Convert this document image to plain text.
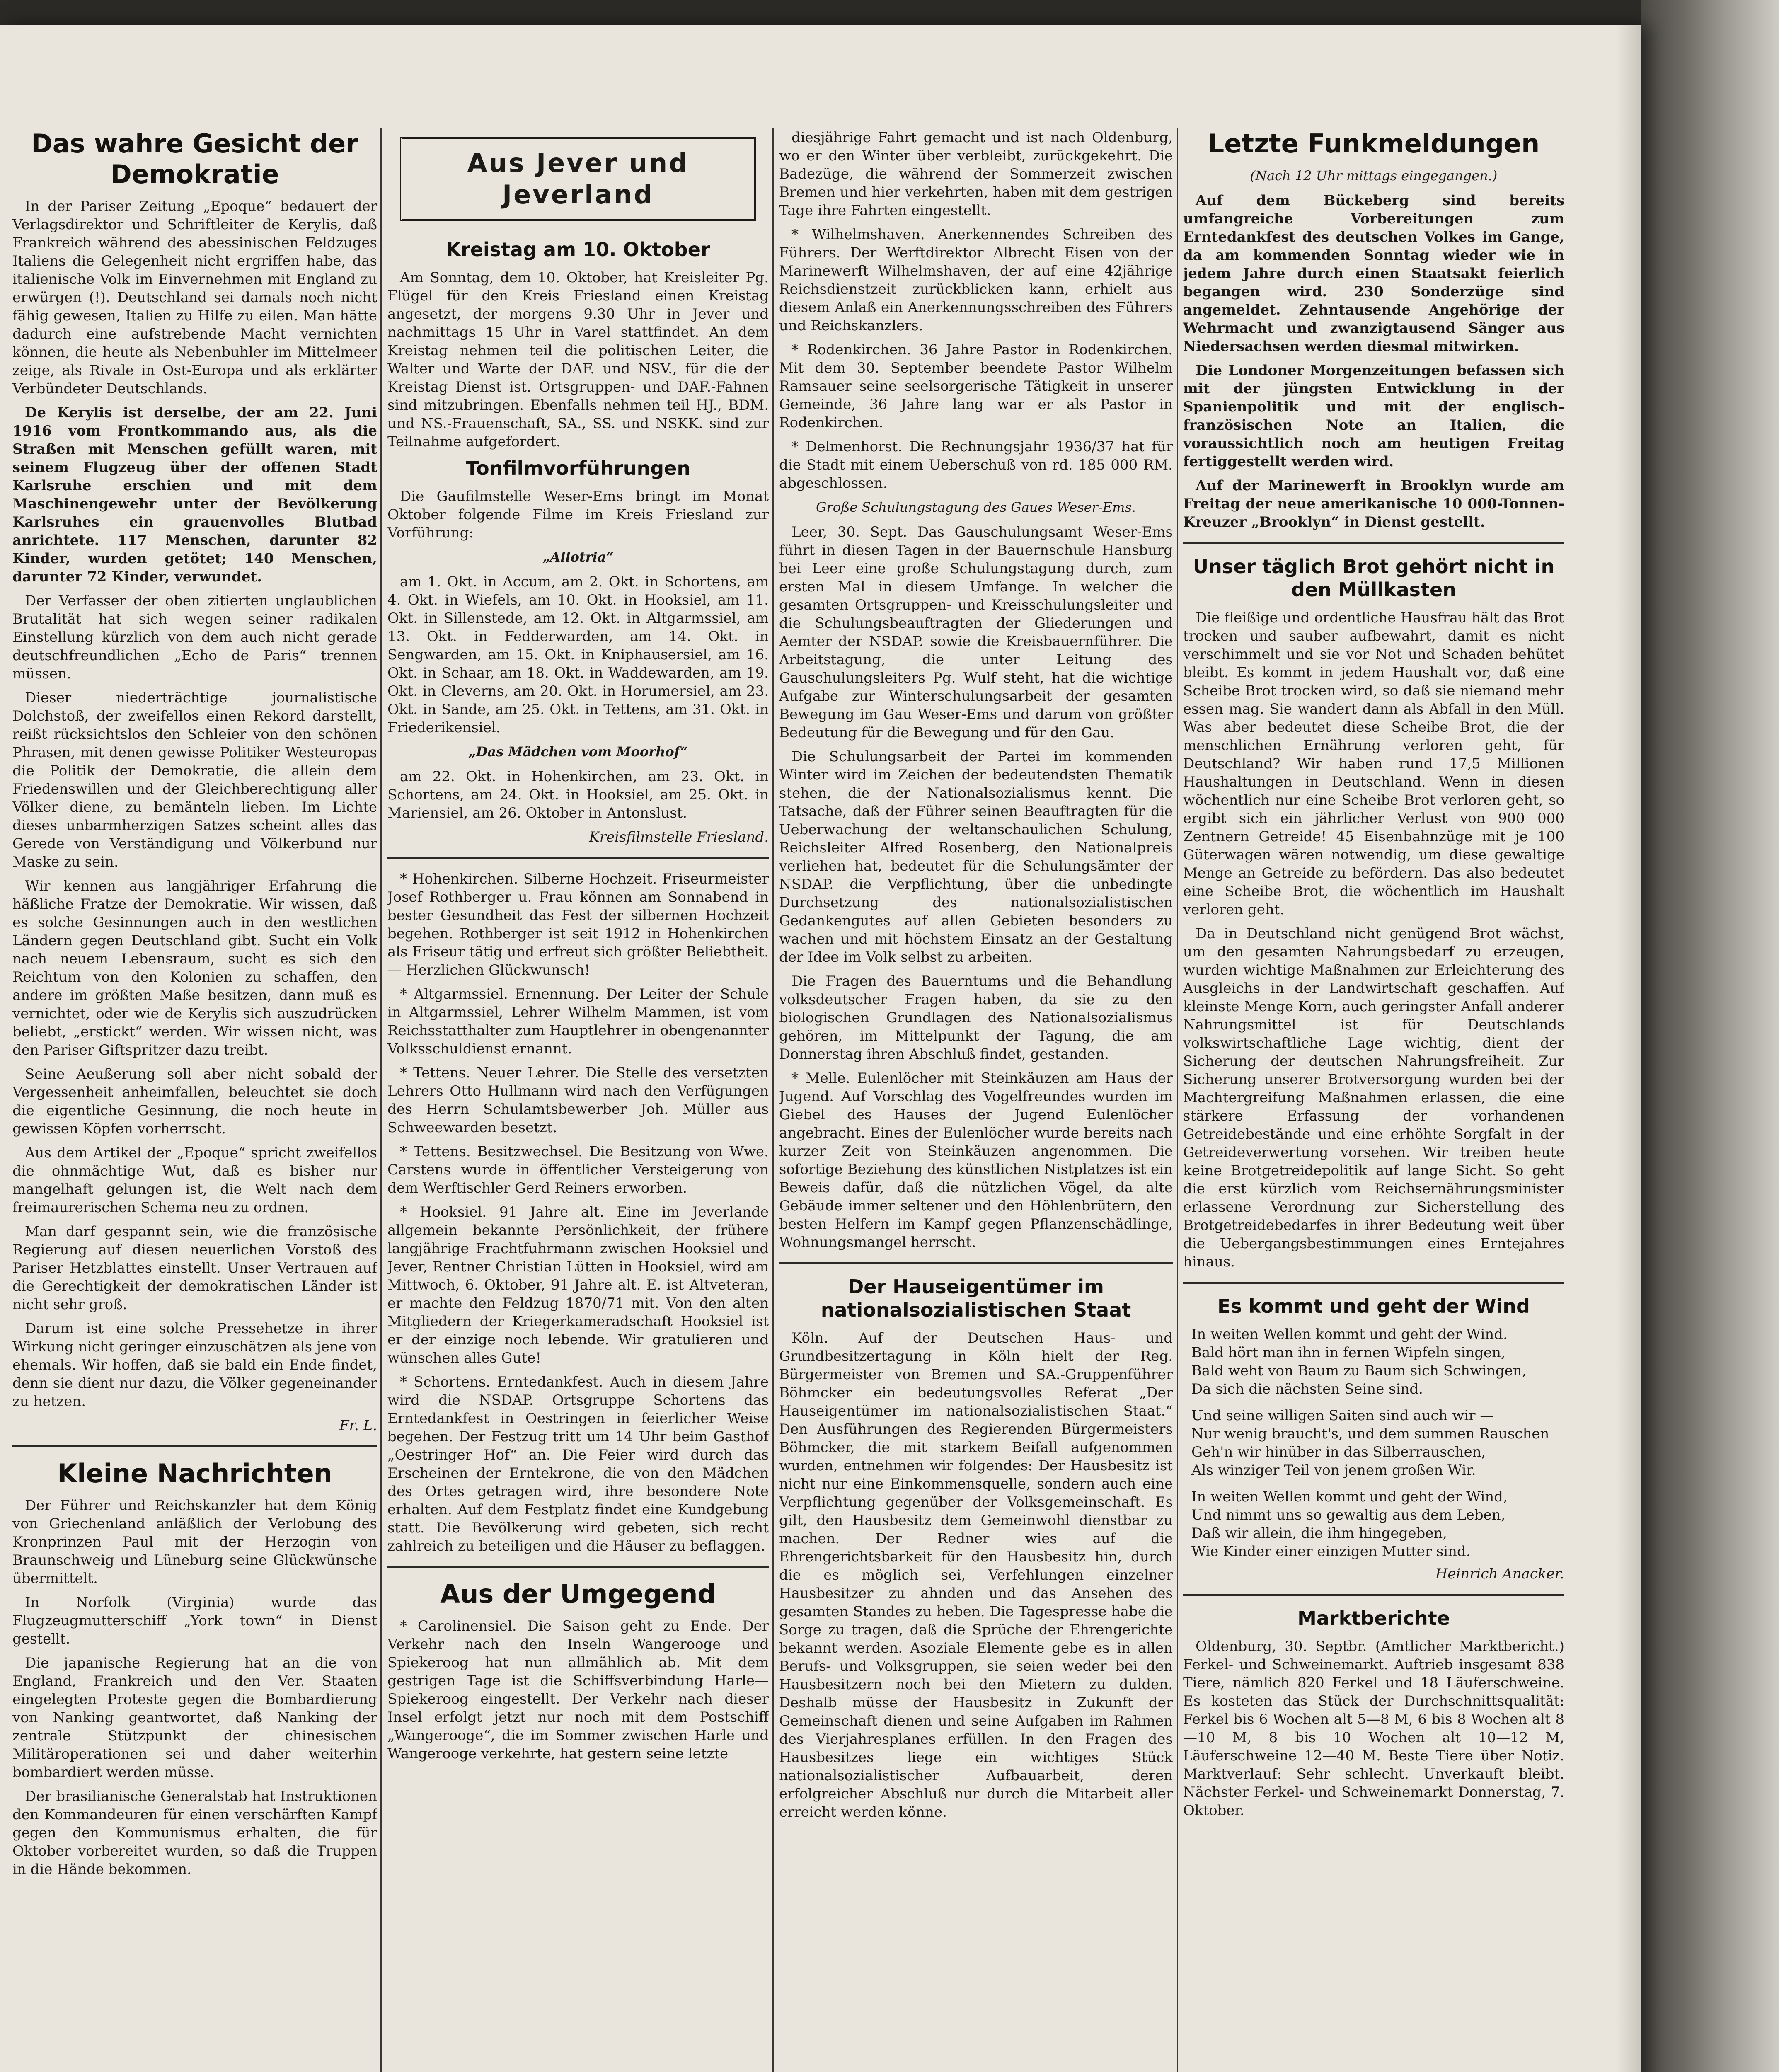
Das wahre Gesicht der Demokratie

In der Pariser Zeitung „Epoque“ bedauert der Verlagsdirektor und Schriftleiter de Kerylis, daß Frankreich während des abessinischen Feldzuges Italiens die Gelegenheit nicht ergriffen habe, das italienische Volk im Einvernehmen mit England zu erwürgen (!). Deutschland sei damals noch nicht fähig gewesen, Italien zu Hilfe zu eilen. Man hätte dadurch eine aufstrebende Macht vernichten können, die heute als Nebenbuhler im Mittelmeer zeige, als Rivale in Ost-Europa und als erklärter Verbündeter Deutschlands.

De Kerylis ist derselbe, der am 22. Juni 1916 vom Frontkommando aus, als die Straßen mit Menschen gefüllt waren, mit seinem Flugzeug über der offenen Stadt Karlsruhe erschien und mit dem Maschinengewehr unter der Bevölkerung Karlsruhes ein grauenvolles Blutbad anrichtete. 117 Menschen, darunter 82 Kinder, wurden getötet; 140 Menschen, darunter 72 Kinder, verwundet.

Der Verfasser der oben zitierten unglaublichen Brutalität hat sich wegen seiner radikalen Einstellung kürzlich von dem auch nicht gerade deutschfreundlichen „Echo de Paris“ trennen müssen.

Dieser niederträchtige journalistische Dolchstoß, der zweifellos einen Rekord darstellt, reißt rücksichtslos den Schleier von den schönen Phrasen, mit denen gewisse Politiker Westeuropas die Politik der Demokratie, die allein dem Friedenswillen und der Gleichberechtigung aller Völker diene, zu bemänteln lieben. Im Lichte dieses unbarmherzigen Satzes scheint alles das Gerede von Verständigung und Völkerbund nur Maske zu sein.

Wir kennen aus langjähriger Erfahrung die häßliche Fratze der Demokratie. Wir wissen, daß es solche Gesinnungen auch in den westlichen Ländern gegen Deutschland gibt. Sucht ein Volk nach neuem Lebensraum, sucht es sich den Reichtum von den Kolonien zu schaffen, den andere im größten Maße besitzen, dann muß es vernichtet, oder wie de Kerylis sich auszudrücken beliebt, „erstickt“ werden. Wir wissen nicht, was den Pariser Giftspritzer dazu treibt.

Seine Aeußerung soll aber nicht sobald der Vergessenheit anheimfallen, beleuchtet sie doch die eigentliche Gesinnung, die noch heute in gewissen Köpfen vorherrscht.

Aus dem Artikel der „Epoque“ spricht zweifellos die ohnmächtige Wut, daß es bisher nur mangelhaft gelungen ist, die Welt nach dem freimaurerischen Schema neu zu ordnen.

Man darf gespannt sein, wie die französische Regierung auf diesen neuerlichen Vorstoß des Pariser Hetzblattes einstellt. Unser Vertrauen auf die Gerechtigkeit der demokratischen Länder ist nicht sehr groß.

Darum ist eine solche Pressehetze in ihrer Wirkung nicht geringer einzuschätzen als jene von ehemals. Wir hoffen, daß sie bald ein Ende findet, denn sie dient nur dazu, die Völker gegeneinander zu hetzen.

Fr. L.
Kleine Nachrichten

Der Führer und Reichskanzler hat dem König von Griechenland anläßlich der Verlobung des Kronprinzen Paul mit der Herzogin von Braunschweig und Lüneburg seine Glückwünsche übermittelt.

In Norfolk (Virginia) wurde das Flugzeugmutterschiff „York town“ in Dienst gestellt.

Die japanische Regierung hat an die von England, Frankreich und den Ver. Staaten eingelegten Proteste gegen die Bombardierung von Nanking geantwortet, daß Nanking der zentrale Stützpunkt der chinesischen Militäroperationen sei und daher weiterhin bombardiert werden müsse.

Der brasilianische Generalstab hat Instruktionen den Kommandeuren für einen verschärften Kampf gegen den Kommunismus erhalten, die für Oktober vorbereitet wurden, so daß die Truppen in die Hände bekommen.

Aus Jever und Jeverland
Kreistag am 10. Oktober

Am Sonntag, dem 10. Oktober, hat Kreisleiter Pg. Flügel für den Kreis Friesland einen Kreistag angesetzt, der morgens 9.30 Uhr in Jever und nachmittags 15 Uhr in Varel stattfindet. An dem Kreistag nehmen teil die politischen Leiter, die Walter und Warte der DAF. und NSV., für die der Kreistag Dienst ist. Ortsgruppen- und DAF.-Fahnen sind mitzubringen. Ebenfalls nehmen teil HJ., BDM. und NS.-Frauenschaft, SA., SS. und NSKK. sind zur Teilnahme aufgefordert.

Tonfilmvorführungen

Die Gaufilmstelle Weser-Ems bringt im Monat Oktober folgende Filme im Kreis Friesland zur Vorführung:

„Allotria“

am 1. Okt. in Accum, am 2. Okt. in Schortens, am 4. Okt. in Wiefels, am 10. Okt. in Hooksiel, am 11. Okt. in Sillenstede, am 12. Okt. in Altgarmssiel, am 13. Okt. in Fedderwarden, am 14. Okt. in Sengwarden, am 15. Okt. in Kniphausersiel, am 16. Okt. in Schaar, am 18. Okt. in Waddewarden, am 19. Okt. in Cleverns, am 20. Okt. in Horumersiel, am 23. Okt. in Sande, am 25. Okt. in Tettens, am 31. Okt. in Friederikensiel.

„Das Mädchen vom Moorhof“

am 22. Okt. in Hohenkirchen, am 23. Okt. in Schortens, am 24. Okt. in Hooksiel, am 25. Okt. in Mariensiel, am 26. Oktober in Antonslust.

Kreisfilmstelle Friesland.

* Hohenkirchen. Silberne Hochzeit. Friseurmeister Josef Rothberger u. Frau können am Sonnabend in bester Gesundheit das Fest der silbernen Hochzeit begehen. Rothberger ist seit 1912 in Hohenkirchen als Friseur tätig und erfreut sich größter Beliebtheit. — Herzlichen Glückwunsch!

* Altgarmssiel. Ernennung. Der Leiter der Schule in Altgarmssiel, Lehrer Wilhelm Mammen, ist vom Reichsstatthalter zum Hauptlehrer in obengenannter Volksschuldienst ernannt.

* Tettens. Neuer Lehrer. Die Stelle des versetzten Lehrers Otto Hullmann wird nach den Verfügungen des Herrn Schulamtsbewerber Joh. Müller aus Schweewarden besetzt.

* Tettens. Besitzwechsel. Die Besitzung von Wwe. Carstens wurde in öffentlicher Versteigerung von dem Werftischler Gerd Reiners erworben.

* Hooksiel. 91 Jahre alt. Eine im Jeverlande allgemein bekannte Persönlichkeit, der frühere langjährige Frachtfuhrmann zwischen Hooksiel und Jever, Rentner Christian Lütten in Hooksiel, wird am Mittwoch, 6. Oktober, 91 Jahre alt. E. ist Altveteran, er machte den Feldzug 1870/71 mit. Von den alten Mitgliedern der Kriegerkameradschaft Hooksiel ist er der einzige noch lebende. Wir gratulieren und wünschen alles Gute!

* Schortens. Erntedankfest. Auch in diesem Jahre wird die NSDAP. Ortsgruppe Schortens das Erntedankfest in Oestringen in feierlicher Weise begehen. Der Festzug tritt um 14 Uhr beim Gasthof „Oestringer Hof“ an. Die Feier wird durch das Erscheinen der Erntekrone, die von den Mädchen des Ortes getragen wird, ihre besondere Note erhalten. Auf dem Festplatz findet eine Kundgebung statt. Die Bevölkerung wird gebeten, sich recht zahlreich zu beteiligen und die Häuser zu beflaggen.

Aus der Umgegend

* Carolinensiel. Die Saison geht zu Ende. Der Verkehr nach den Inseln Wangerooge und Spiekeroog hat nun allmählich ab. Mit dem gestrigen Tage ist die Schiffsverbindung Harle—Spiekeroog eingestellt. Der Verkehr nach dieser Insel erfolgt jetzt nur noch mit dem Postschiff „Wangerooge“, die im Sommer zwischen Harle und Wangerooge verkehrte, hat gestern seine letzte

diesjährige Fahrt gemacht und ist nach Oldenburg, wo er den Winter über verbleibt, zurückgekehrt. Die Badezüge, die während der Sommerzeit zwischen Bremen und hier verkehrten, haben mit dem gestrigen Tage ihre Fahrten eingestellt.

* Wilhelmshaven. Anerkennendes Schreiben des Führers. Der Werftdirektor Albrecht Eisen von der Marinewerft Wilhelmshaven, der auf eine 42jährige Reichsdienstzeit zurückblicken kann, erhielt aus diesem Anlaß ein Anerkennungsschreiben des Führers und Reichskanzlers.

* Rodenkirchen. 36 Jahre Pastor in Rodenkirchen. Mit dem 30. September beendete Pastor Wilhelm Ramsauer seine seelsorgerische Tätigkeit in unserer Gemeinde, 36 Jahre lang war er als Pastor in Rodenkirchen.

* Delmenhorst. Die Rechnungsjahr 1936/37 hat für die Stadt mit einem Ueberschuß von rd. 185 000 RM. abgeschlossen.

Große Schulungstagung des Gaues Weser-Ems.

Leer, 30. Sept. Das Gauschulungsamt Weser-Ems führt in diesen Tagen in der Bauernschule Hansburg bei Leer eine große Schulungstagung durch, zum ersten Mal in diesem Umfange. In welcher die gesamten Ortsgruppen- und Kreisschulungsleiter und die Schulungsbeauftragten der Gliederungen und Aemter der NSDAP. sowie die Kreisbauernführer. Die Arbeitstagung, die unter Leitung des Gauschulungsleiters Pg. Wulf steht, hat die wichtige Aufgabe zur Winterschulungsarbeit der gesamten Bewegung im Gau Weser-Ems und darum von größter Bedeutung für die Bewegung und für den Gau.

Die Schulungsarbeit der Partei im kommenden Winter wird im Zeichen der bedeutendsten Thematik stehen, die der Nationalsozialismus kennt. Die Tatsache, daß der Führer seinen Beauftragten für die Ueberwachung der weltanschaulichen Schulung, Reichsleiter Alfred Rosenberg, den Nationalpreis verliehen hat, bedeutet für die Schulungsämter der NSDAP. die Verpflichtung, über die unbedingte Durchsetzung des nationalsozialistischen Gedankengutes auf allen Gebieten besonders zu wachen und mit höchstem Einsatz an der Gestaltung der Idee im Volk selbst zu arbeiten.

Die Fragen des Bauerntums und die Behandlung volksdeutscher Fragen haben, da sie zu den biologischen Grundlagen des Nationalsozialismus gehören, im Mittelpunkt der Tagung, die am Donnerstag ihren Abschluß findet, gestanden.

* Melle. Eulenlöcher mit Steinkäuzen am Haus der Jugend. Auf Vorschlag des Vogelfreundes wurden im Giebel des Hauses der Jugend Eulenlöcher angebracht. Eines der Eulenlöcher wurde bereits nach kurzer Zeit von Steinkäuzen angenommen. Die sofortige Beziehung des künstlichen Nistplatzes ist ein Beweis dafür, daß die nützlichen Vögel, da alte Gebäude immer seltener und den Höhlenbrütern, den besten Helfern im Kampf gegen Pflanzenschädlinge, Wohnungsmangel herrscht.

Der Hauseigentümer im nationalsozialistischen Staat

Köln. Auf der Deutschen Haus- und Grundbesitzertagung in Köln hielt der Reg. Bürgermeister von Bremen und SA.-Gruppenführer Böhmcker ein bedeutungsvolles Referat „Der Hauseigentümer im nationalsozialistischen Staat.“ Den Ausführungen des Regierenden Bürgermeisters Böhmcker, die mit starkem Beifall aufgenommen wurden, entnehmen wir folgendes: Der Hausbesitz ist nicht nur eine Einkommensquelle, sondern auch eine Verpflichtung gegenüber der Volksgemeinschaft. Es gilt, den Hausbesitz dem Gemeinwohl dienstbar zu machen. Der Redner wies auf die Ehrengerichtsbarkeit für den Hausbesitz hin, durch die es möglich sei, Verfehlungen einzelner Hausbesitzer zu ahnden und das Ansehen des gesamten Standes zu heben. Die Tagespresse habe die Sorge zu tragen, daß die Sprüche der Ehrengerichte bekannt werden. Asoziale Elemente gebe es in allen Berufs- und Volksgruppen, sie seien weder bei den Hausbesitzern noch bei den Mietern zu dulden. Deshalb müsse der Hausbesitz in Zukunft der Gemeinschaft dienen und seine Aufgaben im Rahmen des Vierjahresplanes erfüllen. In den Fragen des Hausbesitzes liege ein wichtiges Stück nationalsozialistischer Aufbauarbeit, deren erfolgreicher Abschluß nur durch die Mitarbeit aller erreicht werden könne.

Letzte Funkmeldungen
(Nach 12 Uhr mittags eingegangen.)

Auf dem Bückeberg sind bereits umfangreiche Vorbereitungen zum Erntedankfest des deutschen Volkes im Gange, da am kommenden Sonntag wieder wie in jedem Jahre durch einen Staatsakt feierlich begangen wird. 230 Sonderzüge sind angemeldet. Zehntausende Angehörige der Wehrmacht und zwanzigtausend Sänger aus Niedersachsen werden diesmal mitwirken.

Die Londoner Morgenzeitungen befassen sich mit der jüngsten Entwicklung in der Spanienpolitik und mit der englisch-französischen Note an Italien, die voraussichtlich noch am heutigen Freitag fertiggestellt werden wird.

Auf der Marinewerft in Brooklyn wurde am Freitag der neue amerikanische 10 000-Tonnen-Kreuzer „Brooklyn“ in Dienst gestellt.

Unser täglich Brot gehört nicht in den Müllkasten

Die fleißige und ordentliche Hausfrau hält das Brot trocken und sauber aufbewahrt, damit es nicht verschimmelt und sie vor Not und Schaden behütet bleibt. Es kommt in jedem Haushalt vor, daß eine Scheibe Brot trocken wird, so daß sie niemand mehr essen mag. Sie wandert dann als Abfall in den Müll. Was aber bedeutet diese Scheibe Brot, die der menschlichen Ernährung verloren geht, für Deutschland? Wir haben rund 17,5 Millionen Haushaltungen in Deutschland. Wenn in diesen wöchentlich nur eine Scheibe Brot verloren geht, so ergibt sich ein jährlicher Verlust von 900 000 Zentnern Getreide! 45 Eisenbahnzüge mit je 100 Güterwagen wären notwendig, um diese gewaltige Menge an Getreide zu befördern. Das also bedeutet eine Scheibe Brot, die wöchentlich im Haushalt verloren geht.

Da in Deutschland nicht genügend Brot wächst, um den gesamten Nahrungsbedarf zu erzeugen, wurden wichtige Maßnahmen zur Erleichterung des Ausgleichs in der Landwirtschaft geschaffen. Auf kleinste Menge Korn, auch geringster Anfall anderer Nahrungsmittel ist für Deutschlands volkswirtschaftliche Lage wichtig, dient der Sicherung der deutschen Nahrungsfreiheit. Zur Sicherung unserer Brotversorgung wurden bei der Machtergreifung Maßnahmen erlassen, die eine stärkere Erfassung der vorhandenen Getreidebestände und eine erhöhte Sorgfalt in der Getreideverwertung vorsehen. Wir treiben heute keine Brotgetreidepolitik auf lange Sicht. So geht die erst kürzlich vom Reichsernährungsminister erlassene Verordnung zur Sicherstellung des Brotgetreidebedarfes in ihrer Bedeutung weit über die Uebergangsbestimmungen eines Erntejahres hinaus.

Es kommt und geht der Wind
In weiten Wellen kommt und geht der Wind.
Bald hört man ihn in fernen Wipfeln singen,
Bald weht von Baum zu Baum sich Schwingen,
Da sich die nächsten Seine sind.
Und seine willigen Saiten sind auch wir —
Nur wenig braucht's, und dem summen Rauschen
Geh'n wir hinüber in das Silberrauschen,
Als winziger Teil von jenem großen Wir.
In weiten Wellen kommt und geht der Wind,
Und nimmt uns so gewaltig aus dem Leben,
Daß wir allein, die ihm hingegeben,
Wie Kinder einer einzigen Mutter sind.
Heinrich Anacker.
Marktberichte

Oldenburg, 30. Septbr. (Amtlicher Marktbericht.) Ferkel- und Schweinemarkt. Auftrieb insgesamt 838 Tiere, nämlich 820 Ferkel und 18 Läuferschweine. Es kosteten das Stück der Durchschnittsqualität: Ferkel bis 6 Wochen alt 5—8 M, 6 bis 8 Wochen alt 8—10 M, 8 bis 10 Wochen alt 10—12 M, Läuferschweine 12—40 M. Beste Tiere über Notiz. Marktverlauf: Sehr schlecht. Unverkauft bleibt. Nächster Ferkel- und Schweinemarkt Donnerstag, 7. Oktober.
